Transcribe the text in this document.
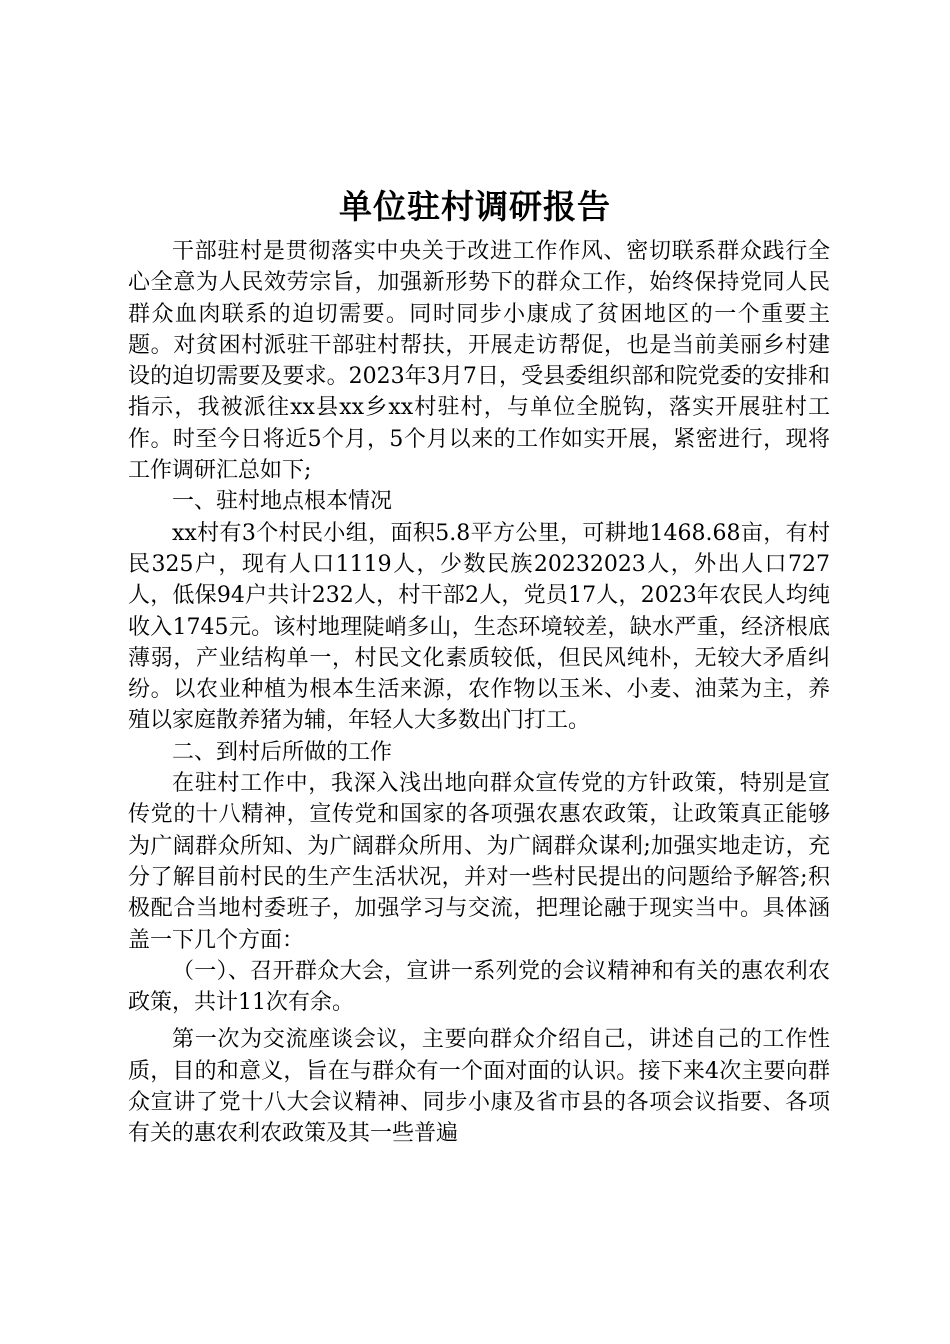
单位驻村调研报告

干部驻村是贯彻落实中央关于改进工作作风、密切联系群众践行全心全意为人民效劳宗旨，加强新形势下的群众工作，始终保持党同人民群众血肉联系的迫切需要。同时同步小康成了贫困地区的一个重要主题。对贫困村派驻干部驻村帮扶，开展走访帮促，也是当前美丽乡村建设的迫切需要及要求。2023年3月7日，受县委组织部和院党委的安排和指示，我被派往xx县xx乡xx村驻村，与单位全脱钩，落实开展驻村工作。时至今日将近5个月，5个月以来的工作如实开展，紧密进行，现将工作调研汇总如下;

一、驻村地点根本情况

xx村有3个村民小组，面积5.8平方公里，可耕地1468.68亩，有村民325户，现有人口1119人，少数民族20232023人，外出人口727人，低保94户共计232人，村干部2人，党员17人，2023年农民人均纯收入1745元。该村地理陡峭多山，生态环境较差，缺水严重，经济根底薄弱，产业结构单一，村民文化素质较低，但民风纯朴，无较大矛盾纠纷。以农业种植为根本生活来源，农作物以玉米、小麦、油菜为主，养殖以家庭散养猪为辅，年轻人大多数出门打工。

二、到村后所做的工作

在驻村工作中，我深入浅出地向群众宣传党的方针政策，特别是宣传党的十八精神，宣传党和国家的各项强农惠农政策，让政策真正能够为广阔群众所知、为广阔群众所用、为广阔群众谋利;加强实地走访，充分了解目前村民的生产生活状况，并对一些村民提出的问题给予解答;积极配合当地村委班子，加强学习与交流，把理论融于现实当中。具体涵盖一下几个方面：

（一）、召开群众大会，宣讲一系列党的会议精神和有关的惠农利农政策，共计11次有余。

第一次为交流座谈会议，主要向群众介绍自己，讲述自己的工作性质，目的和意义，旨在与群众有一个面对面的认识。接下来4次主要向群众宣讲了党十八大会议精神、同步小康及省市县的各项会议指要、各项有关的惠农利农政策及其一些普遍
